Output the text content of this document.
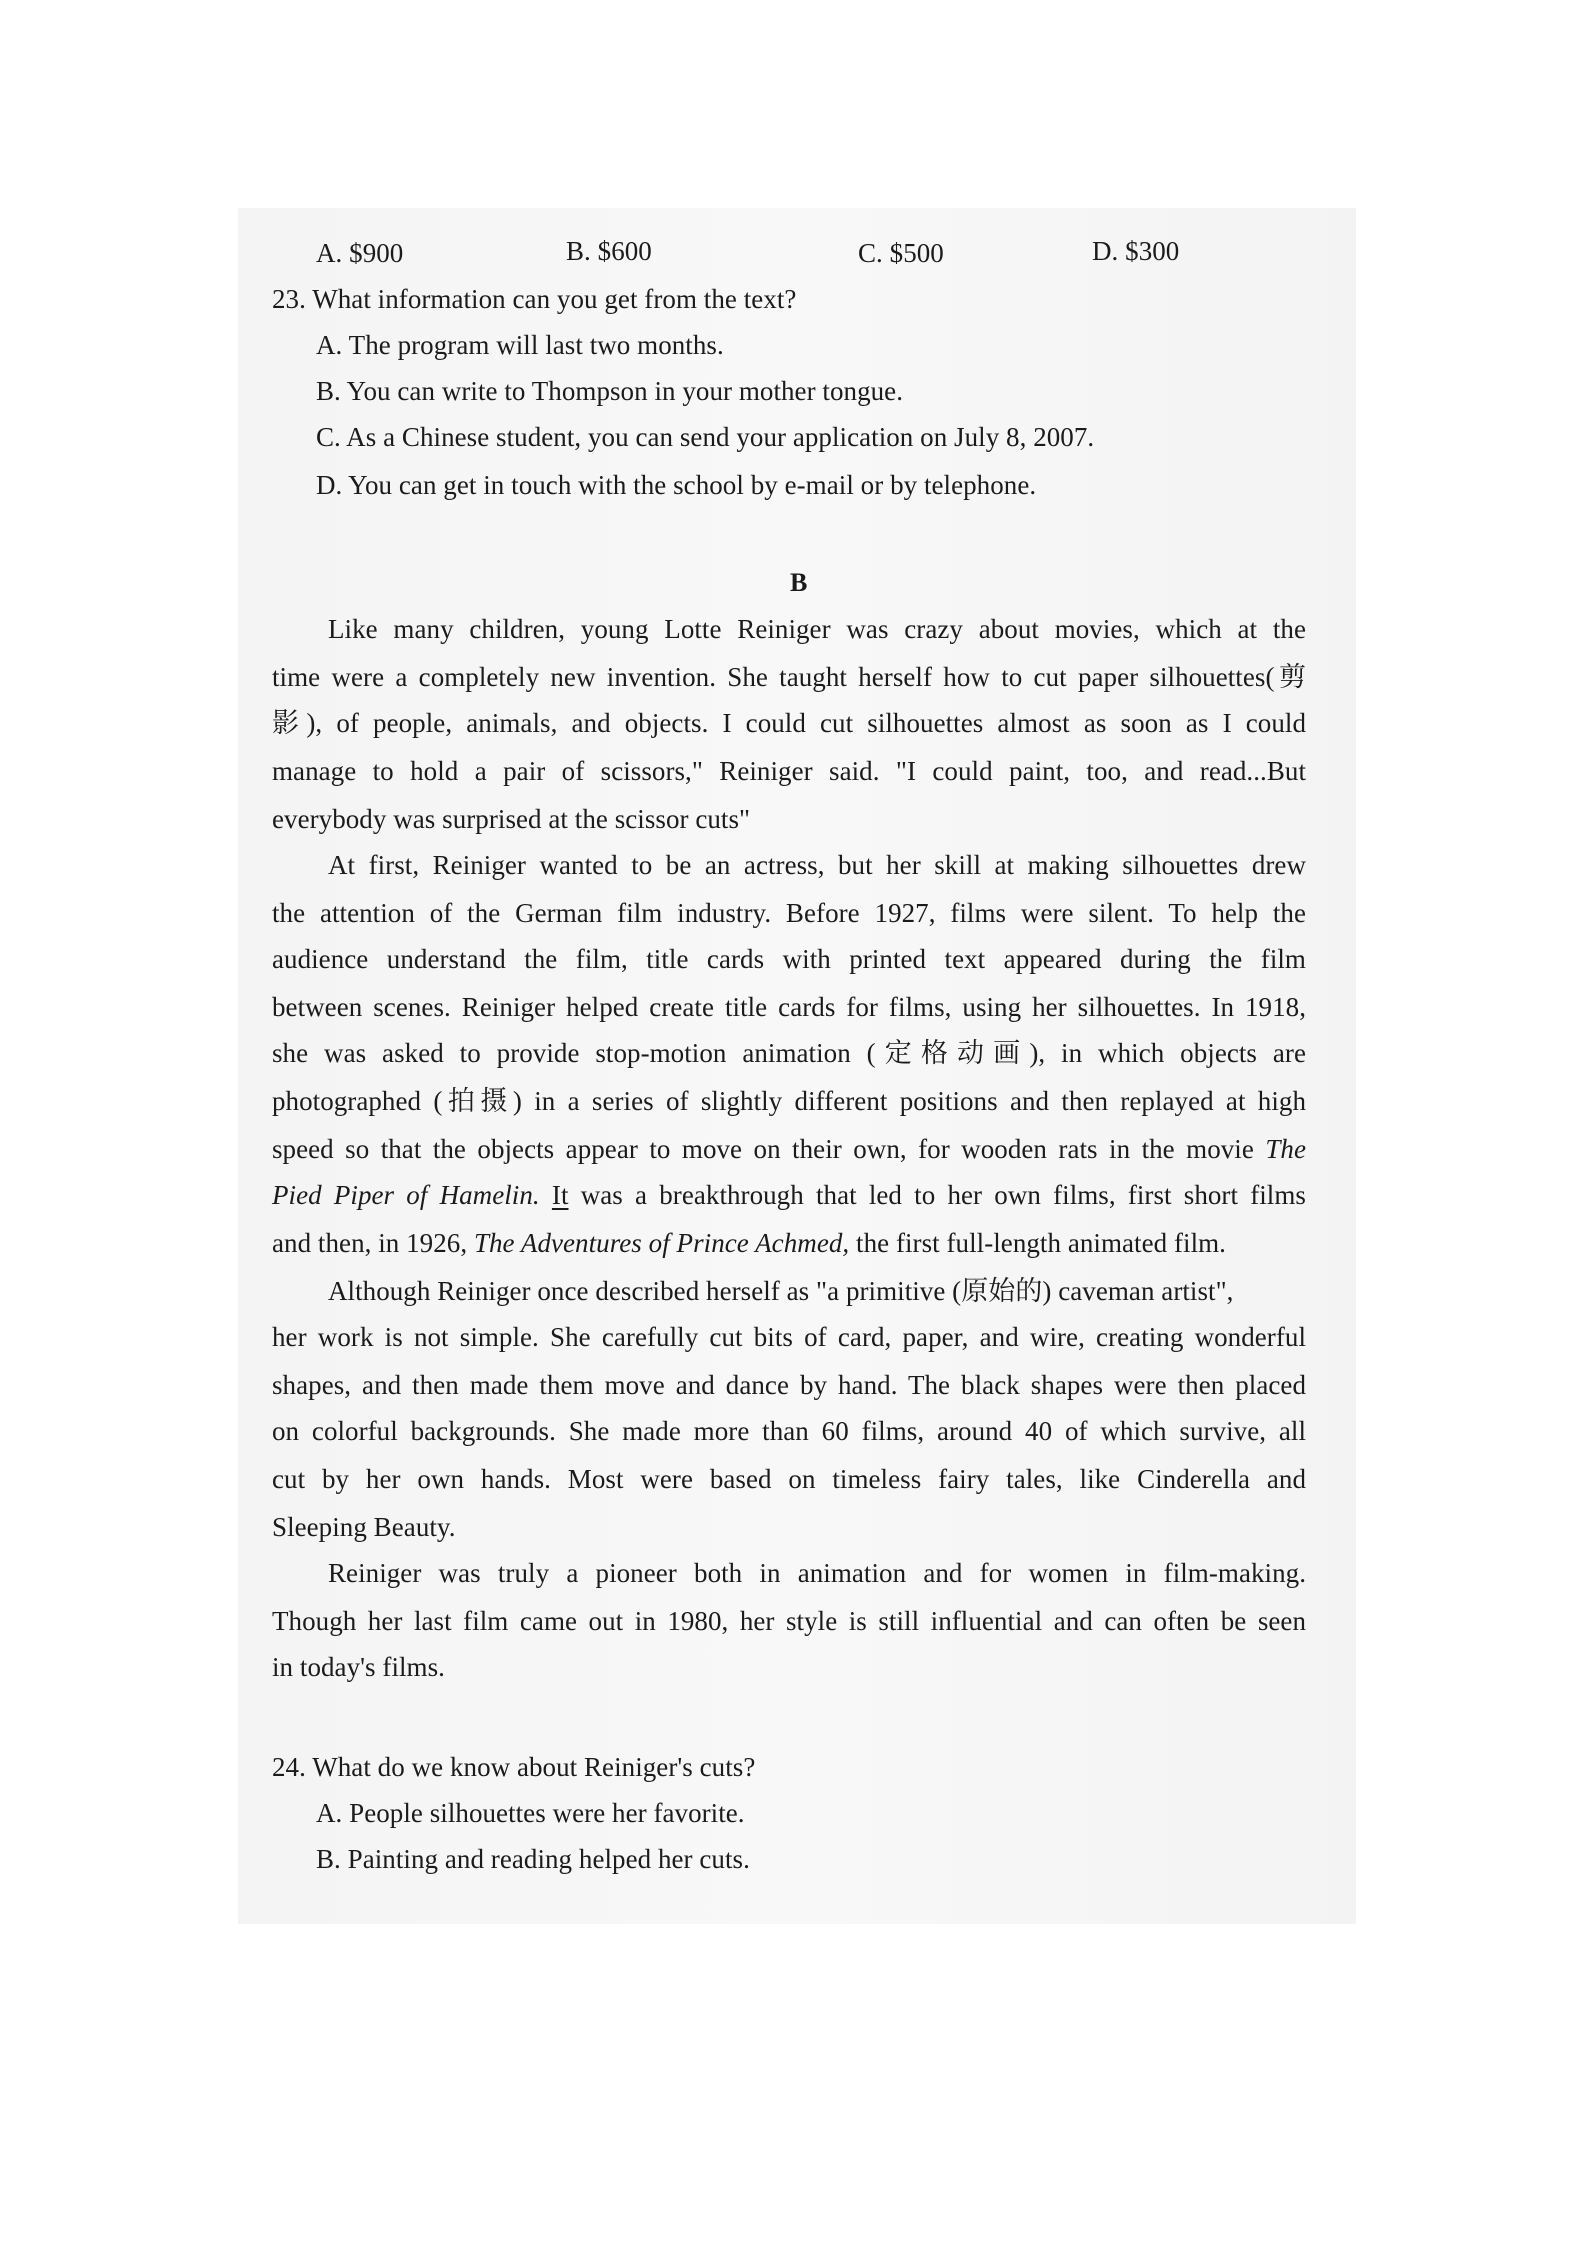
A. $900	B. $600	C. $500	D. $300
23. What information can you get from the text?
A. The program will last two months.
B. You can write to Thompson in your mother tongue.
C. As a Chinese student, you can send your application on July 8, 2007.
D. You can get in touch with the school by e-mail or by telephone.
B
Like many children, young Lotte Reiniger was crazy about movies, which at the
time were a completely new invention. She taught herself how to cut paper silhouettes(剪
影), of people, animals, and objects. I could cut silhouettes almost as soon as I could
manage to hold a pair of scissors," Reiniger said. "I could paint, too, and read...But
everybody was surprised at the scissor cuts"
At first, Reiniger wanted to be an actress, but her skill at making silhouettes drew
the attention of the German film industry. Before 1927, films were silent. To help the
audience understand the film, title cards with printed text appeared during the film
between scenes. Reiniger helped create title cards for films, using her silhouettes. In 1918,
she was asked to provide stop-motion animation (定格动画), in which objects are
photographed (拍摄) in a series of slightly different positions and then replayed at high
speed so that the objects appear to move on their own, for wooden rats in the movie The
Pied Piper of Hamelin. It was a breakthrough that led to her own films, first short films
and then, in 1926, The Adventures of Prince Achmed, the first full-length animated film.
Although Reiniger once described herself as "a primitive (原始的) caveman artist",
her work is not simple. She carefully cut bits of card, paper, and wire, creating wonderful
shapes, and then made them move and dance by hand. The black shapes were then placed
on colorful backgrounds. She made more than 60 films, around 40 of which survive, all
cut by her own hands. Most were based on timeless fairy tales, like Cinderella and
Sleeping Beauty.
Reiniger was truly a pioneer both in animation and for women in film-making.
Though her last film came out in 1980, her style is still influential and can often be seen
in today's films.
24. What do we know about Reiniger's cuts?
A. People silhouettes were her favorite.
B. Painting and reading helped her cuts.
